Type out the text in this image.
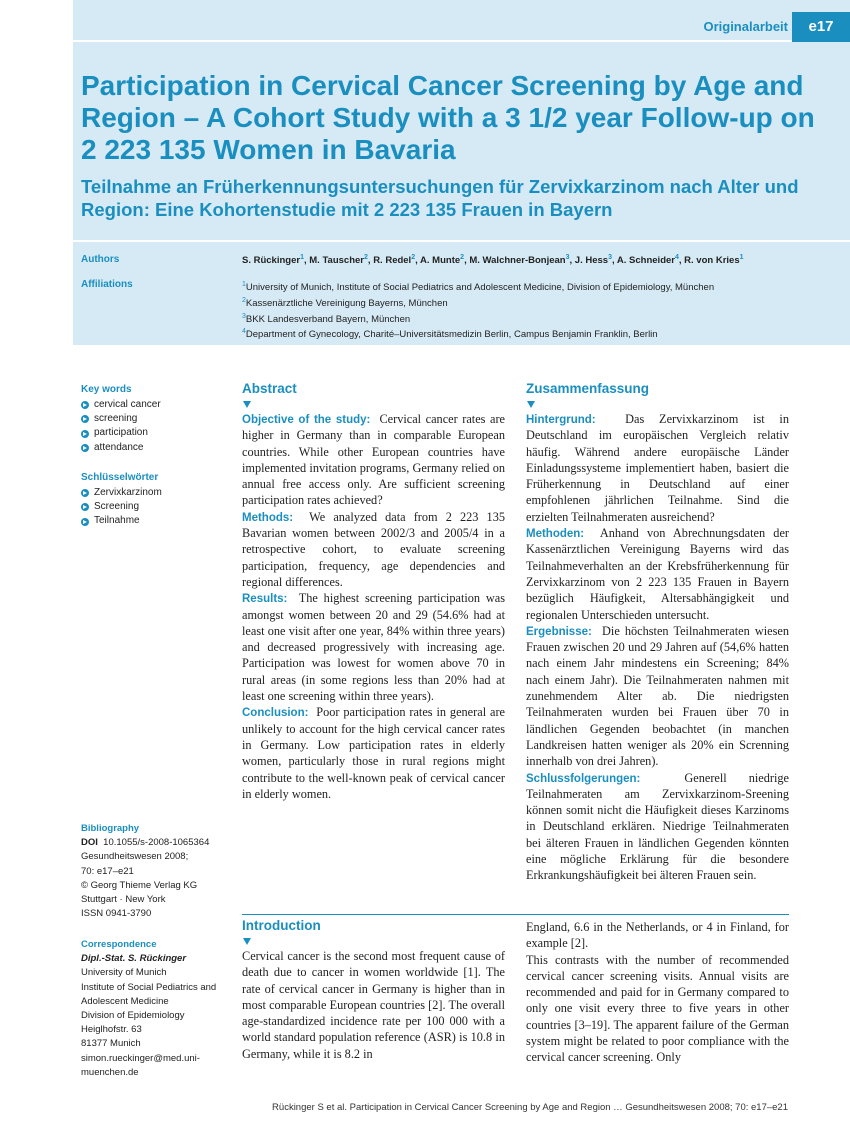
Originalarbeit	e17
Participation in Cervical Cancer Screening by Age and Region – A Cohort Study with a 3 1/2 year Follow-up on 2 223 135 Women in Bavaria
Teilnahme an Früherkennungsuntersuchungen für Zervixkarzinom nach Alter und Region: Eine Kohortenstudie mit 2 223 135 Frauen in Bayern
Authors	S. Rückinger$^1$, M. Tauscher$^2$, R. Redel$^2$, A. Munte$^2$, M. Walchner-Bonjean$^3$, J. Hess$^3$, A. Schneider$^4$, R. von Kries$^1$
Affiliations	$^1$University of Munich, Institute of Social Pediatrics and Adolescent Medicine, Division of Epidemiology, München
$^2$Kassenärztliche Vereinigung Bayerns, München
$^3$BKK Landesverband Bayern, München
$^4$Department of Gynecology, Charité–Universitätsmedizin Berlin, Campus Benjamin Franklin, Berlin
Key words
cervical cancer
screening
participation
attendance
Schlüsselwörter
Zervixkarzinom
Screening
Teilnahme
Bibliography
DOI 10.1055/s-2008-1065364
Gesundheitswesen 2008;
70: e17–e21
© Georg Thieme Verlag KG
Stuttgart · New York
ISSN 0941-3790
Correspondence
Dipl.-Stat. S. Rückinger
University of Munich
Institute of Social Pediatrics and
Adolescent Medicine
Division of Epidemiology
Heiglhofstr. 63
81377 Munich
simon.rueckinger@med.uni-
muenchen.de
Abstract
Objective of the study: Cervical cancer rates are higher in Germany than in comparable European countries. While other European countries have implemented invitation programs, Germany relied on annual free access only. Are sufficient screening participation rates achieved?
Methods: We analyzed data from 2 223 135 Bavarian women between 2002/3 and 2005/4 in a retrospective cohort, to evaluate screening participation, frequency, age dependencies and regional differences.
Results: The highest screening participation was amongst women between 20 and 29 (54.6% had at least one visit after one year, 84% within three years) and decreased progressively with increasing age. Participation was lowest for women above 70 in rural areas (in some regions less than 20% had at least one screening within three years).
Conclusion: Poor participation rates in general are unlikely to account for the high cervical cancer rates in Germany. Low participation rates in elderly women, particularly those in rural regions might contribute to the well-known peak of cervical cancer in elderly women.
Zusammenfassung
Hintergrund: Das Zervixkarzinom ist in Deutschland im europäischen Vergleich relativ häufig. Während andere europäische Länder Einladungssysteme implementiert haben, basiert die Früherkennung in Deutschland auf einer empfohlenen jährlichen Teilnahme. Sind die erzielten Teilnahmeraten ausreichend?
Methoden: Anhand von Abrechnungsdaten der Kassenärztlichen Vereinigung Bayerns wird das Teilnahmeverhalten an der Krebsfrüherkennung für Zervixkarzinom von 2 223 135 Frauen in Bayern bezüglich Häufigkeit, Altersabhängigkeit und regionalen Unterschieden untersucht.
Ergebnisse: Die höchsten Teilnahmeraten wiesen Frauen zwischen 20 und 29 Jahren auf (54,6% hatten nach einem Jahr mindestens ein Screening; 84% nach einem Jahr). Die Teilnahmeraten nahmen mit zunehmendem Alter ab. Die niedrigsten Teilnahmeraten wurden bei Frauen über 70 in ländlichen Gegenden beobachtet (in manchen Landkreisen hatten weniger als 20% ein Screnning innerhalb von drei Jahren).
Schlussfolgerungen:	Generell niedrige Teilnahmeraten am Zervixkarzinom-Sreening können somit nicht die Häufigkeit dieses Karzinoms in Deutschland erklären. Niedrige Teilnahmeraten bei älteren Frauen in ländlichen Gegenden könnten eine mögliche Erklärung für die besondere Erkrankungshäufigkeit bei älteren Frauen sein.
Introduction
Cervical cancer is the second most frequent cause of death due to cancer in women worldwide [1]. The rate of cervical cancer in Germany is higher than in most comparable European countries [2]. The overall age-standardized incidence rate per 100 000 with a world standard population reference (ASR) is 10.8 in Germany, while it is 8.2 in
England, 6.6 in the Netherlands, or 4 in Finland, for example [2].
This contrasts with the number of recommended cervical cancer screening visits. Annual visits are recommended and paid for in Germany compared to only one visit every three to five years in other countries [3–19]. The apparent failure of the German system might be related to poor compliance with the cervical cancer screening. Only
Rückinger S et al. Participation in Cervical Cancer Screening by Age and Region … Gesundheitswesen 2008; 70: e17–e21
